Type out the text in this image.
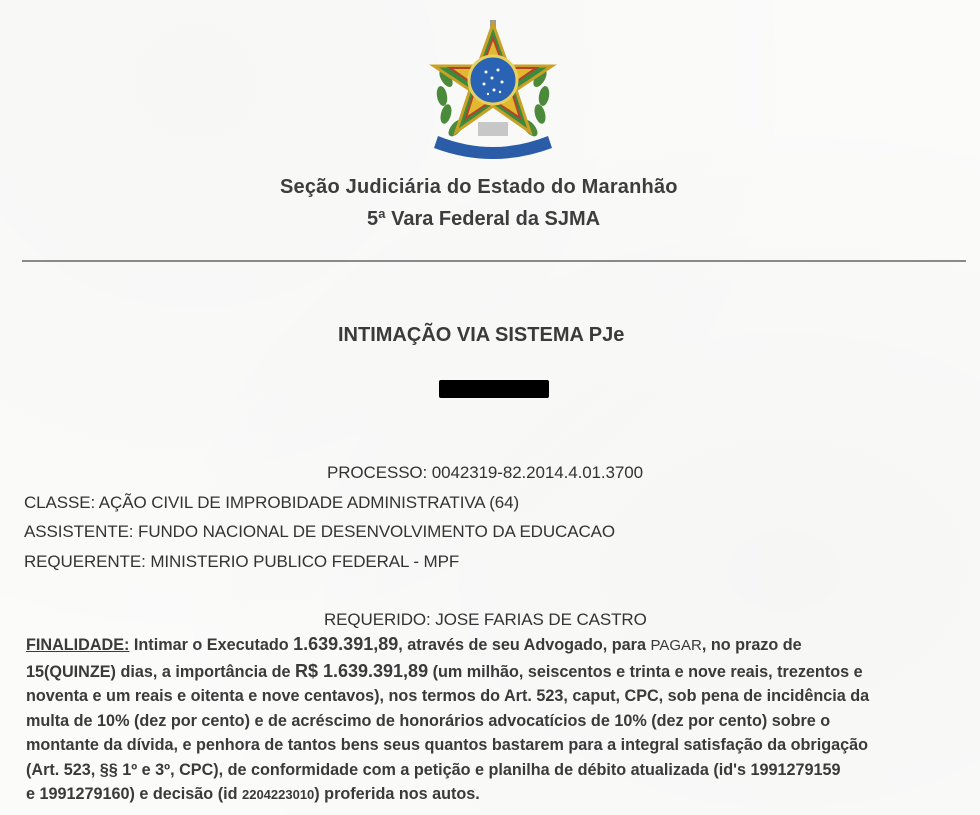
Seção Judiciária do Estado do Maranhão
5ª Vara Federal da SJMA
INTIMAÇÃO VIA SISTEMA PJe
PROCESSO: 0042319-82.2014.4.01.3700
CLASSE: AÇÃO CIVIL DE IMPROBIDADE ADMINISTRATIVA (64)
ASSISTENTE: FUNDO NACIONAL DE DESENVOLVIMENTO DA EDUCACAO
REQUERENTE: MINISTERIO PUBLICO FEDERAL - MPF
REQUERIDO: JOSE FARIAS DE CASTRO
FINALIDADE: Intimar o Executado 1.639.391,89, através de seu Advogado, para PAGAR, no prazo de
15(QUINZE) dias, a importância de R$ 1.639.391,89 (um milhão, seiscentos e trinta e nove reais, trezentos e
noventa e um reais e oitenta e nove centavos), nos termos do Art. 523, caput, CPC, sob pena de incidência da
multa de 10% (dez por cento) e de acréscimo de honorários advocatícios de 10% (dez por cento) sobre o
montante da dívida, e penhora de tantos bens seus quantos bastarem para a integral satisfação da obrigação
(Art. 523, §§ 1º e 3º, CPC), de conformidade com a petição e planilha de débito atualizada (id's 1991279159
e 1991279160) e decisão (id 2204223010) proferida nos autos.
